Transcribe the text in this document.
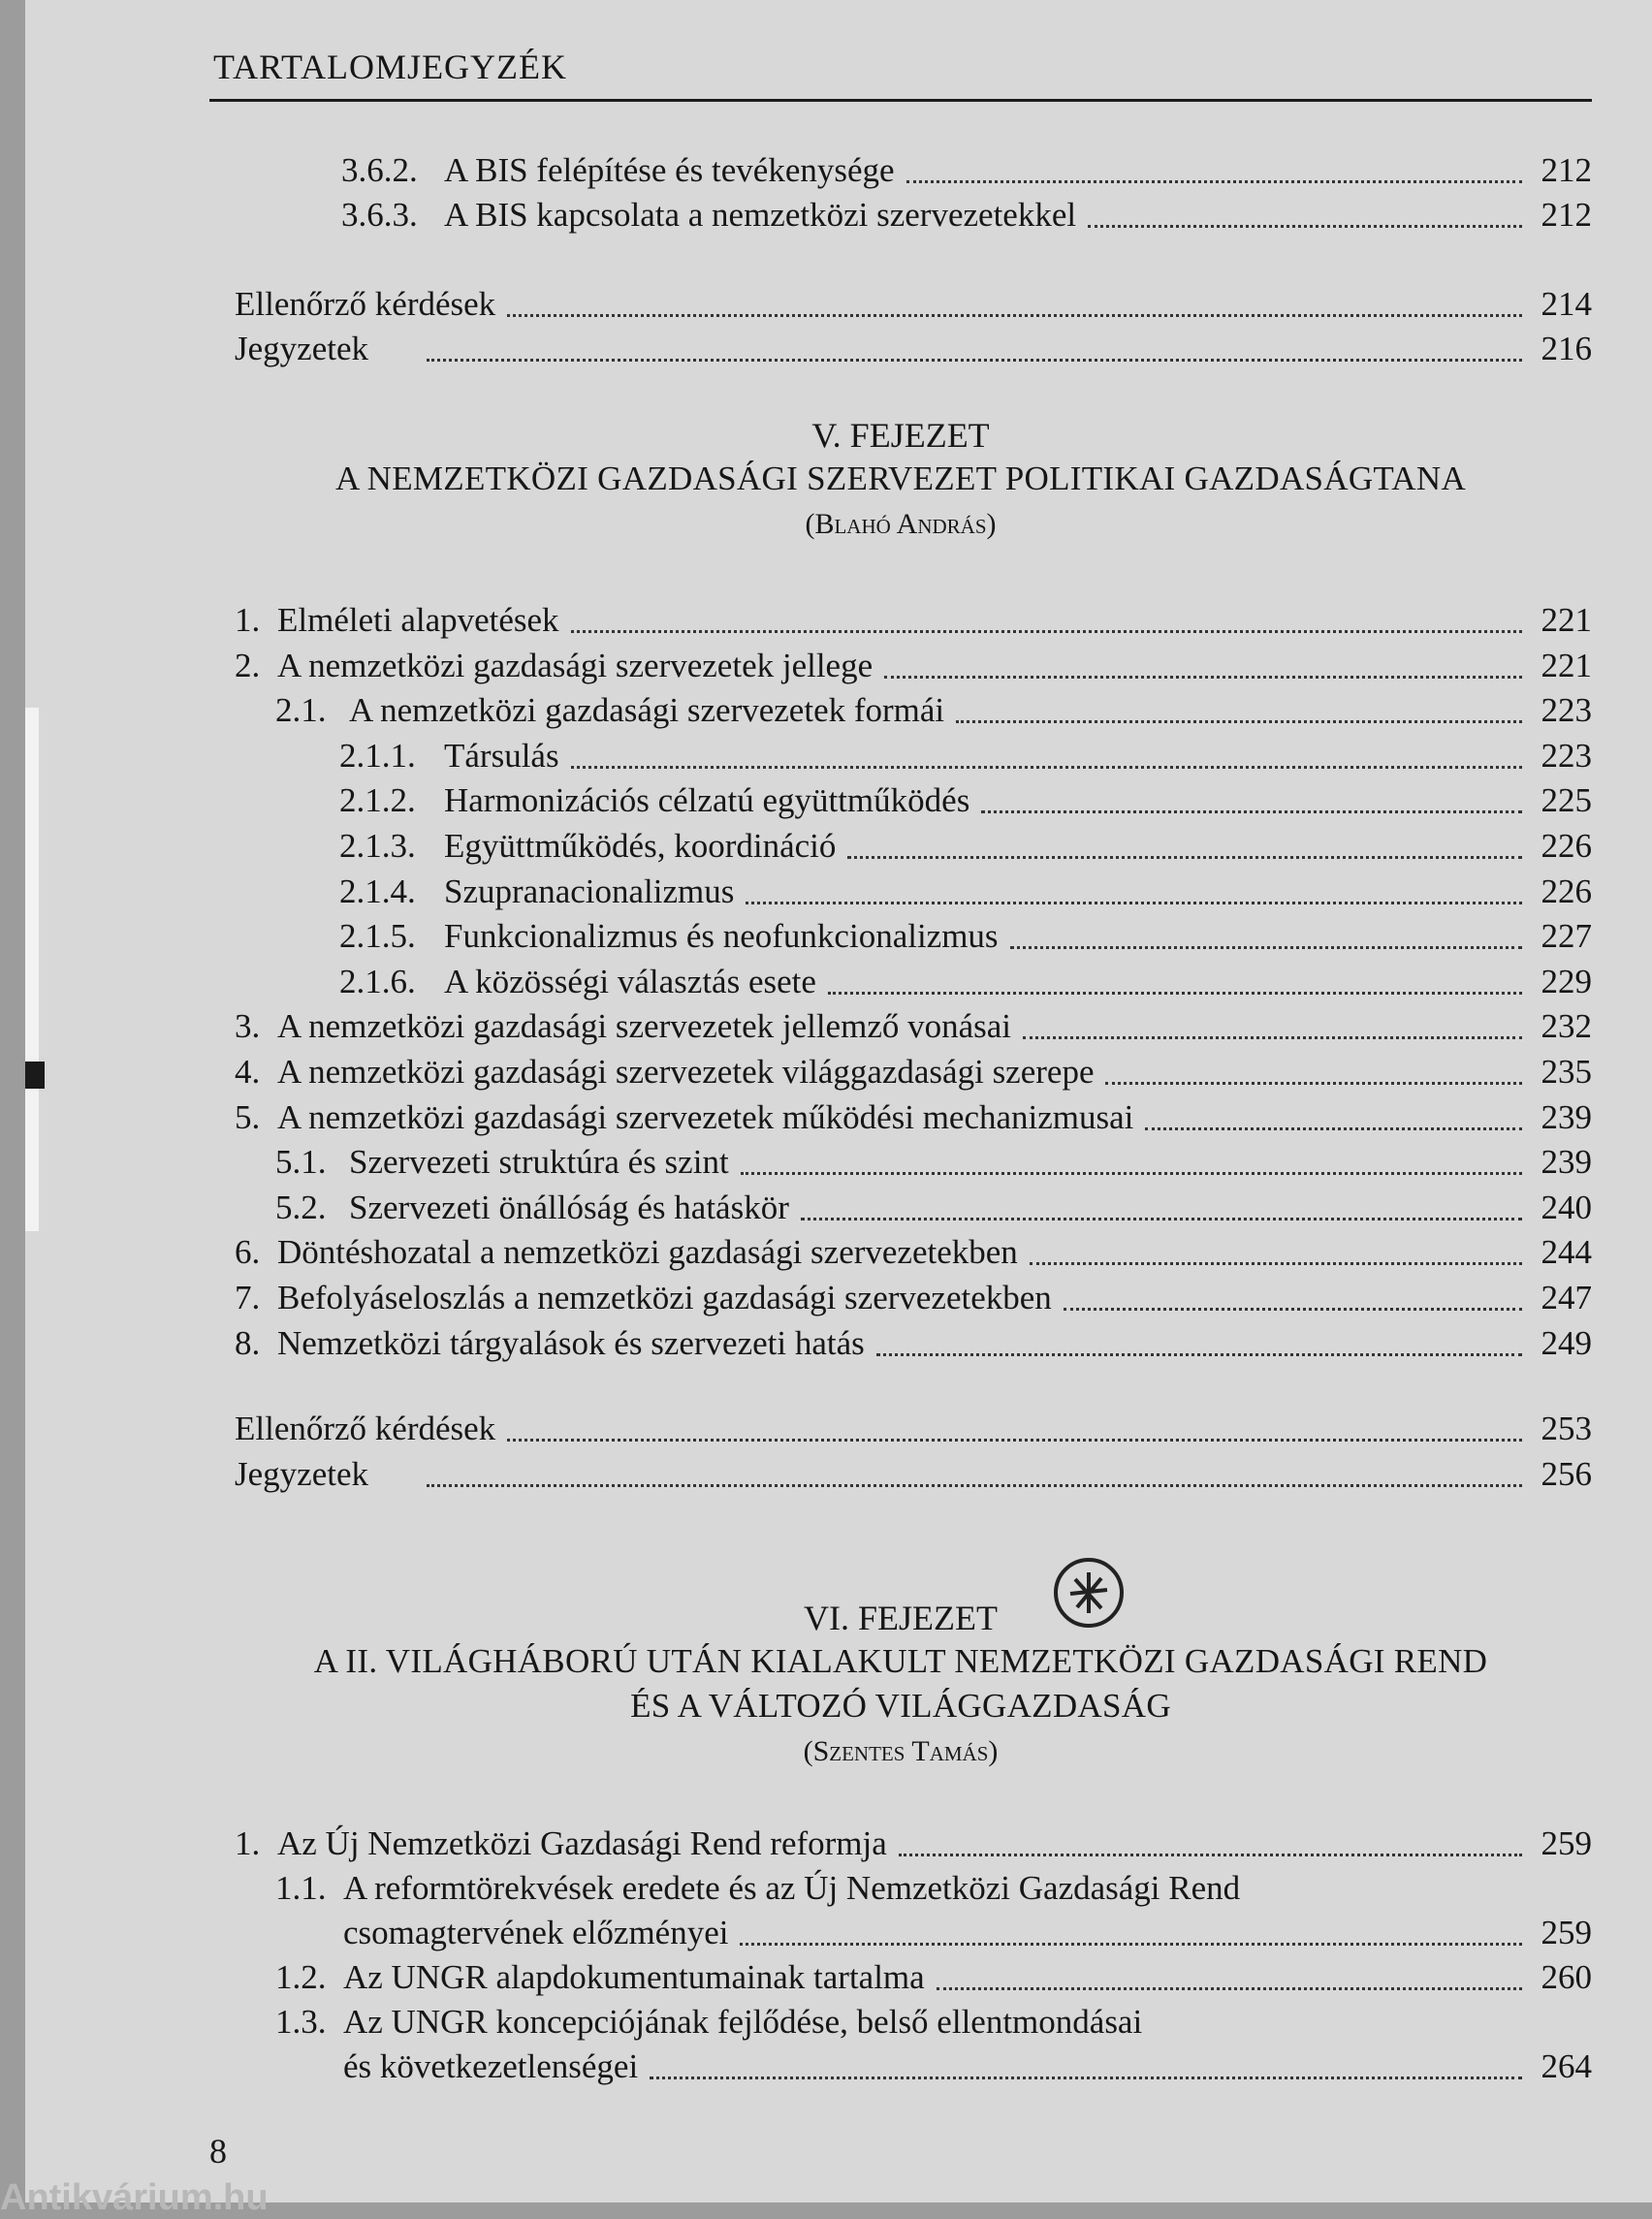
TARTALOMJEGYZÉK
3.6.2. A BIS felépítése és tevékenysége	212
3.6.3. A BIS kapcsolata a nemzetközi szervezetekkel	212
Ellenőrző kérdések	214
Jegyzetek	216
V. FEJEZET
A NEMZETKÖZI GAZDASÁGI SZERVEZET POLITIKAI GAZDASÁGTANA
(Blahó András)
1. Elméleti alapvetések	221
2. A nemzetközi gazdasági szervezetek jellege	221
2.1. A nemzetközi gazdasági szervezetek formái	223
2.1.1. Társulás	223
2.1.2. Harmonizációs célzatú együttműködés	225
2.1.3. Együttműködés, koordináció	226
2.1.4. Szupranacionalizmus	226
2.1.5. Funkcionalizmus és neofunkcionalizmus	227
2.1.6. A közösségi választás esete	229
3. A nemzetközi gazdasági szervezetek jellemző vonásai	232
4. A nemzetközi gazdasági szervezetek világgazdasági szerepe	235
5. A nemzetközi gazdasági szervezetek működési mechanizmusai	239
5.1. Szervezeti struktúra és szint	239
5.2. Szervezeti önállóság és hatáskör	240
6. Döntéshozatal a nemzetközi gazdasági szervezetekben	244
7. Befolyáseloszlás a nemzetközi gazdasági szervezetekben	247
8. Nemzetközi tárgyalások és szervezeti hatás	249
Ellenőrző kérdések	253
Jegyzetek	256
VI. FEJEZET
A II. VILÁGHÁBORÚ UTÁN KIALAKULT NEMZETKÖZI GAZDASÁGI REND
ÉS A VÁLTOZÓ VILÁGGAZDASÁG
(Szentes Tamás)
1. Az Új Nemzetközi Gazdasági Rend reformja	259
1.1. A reformtörekvések eredete és az Új Nemzetközi Gazdasági Rend
csomagtervének előzményei	259
1.2. Az UNGR alapdokumentumainak tartalma	260
1.3. Az UNGR koncepciójának fejlődése, belső ellentmondásai
és következetlenségei	264
8
Antikvárium.hu
